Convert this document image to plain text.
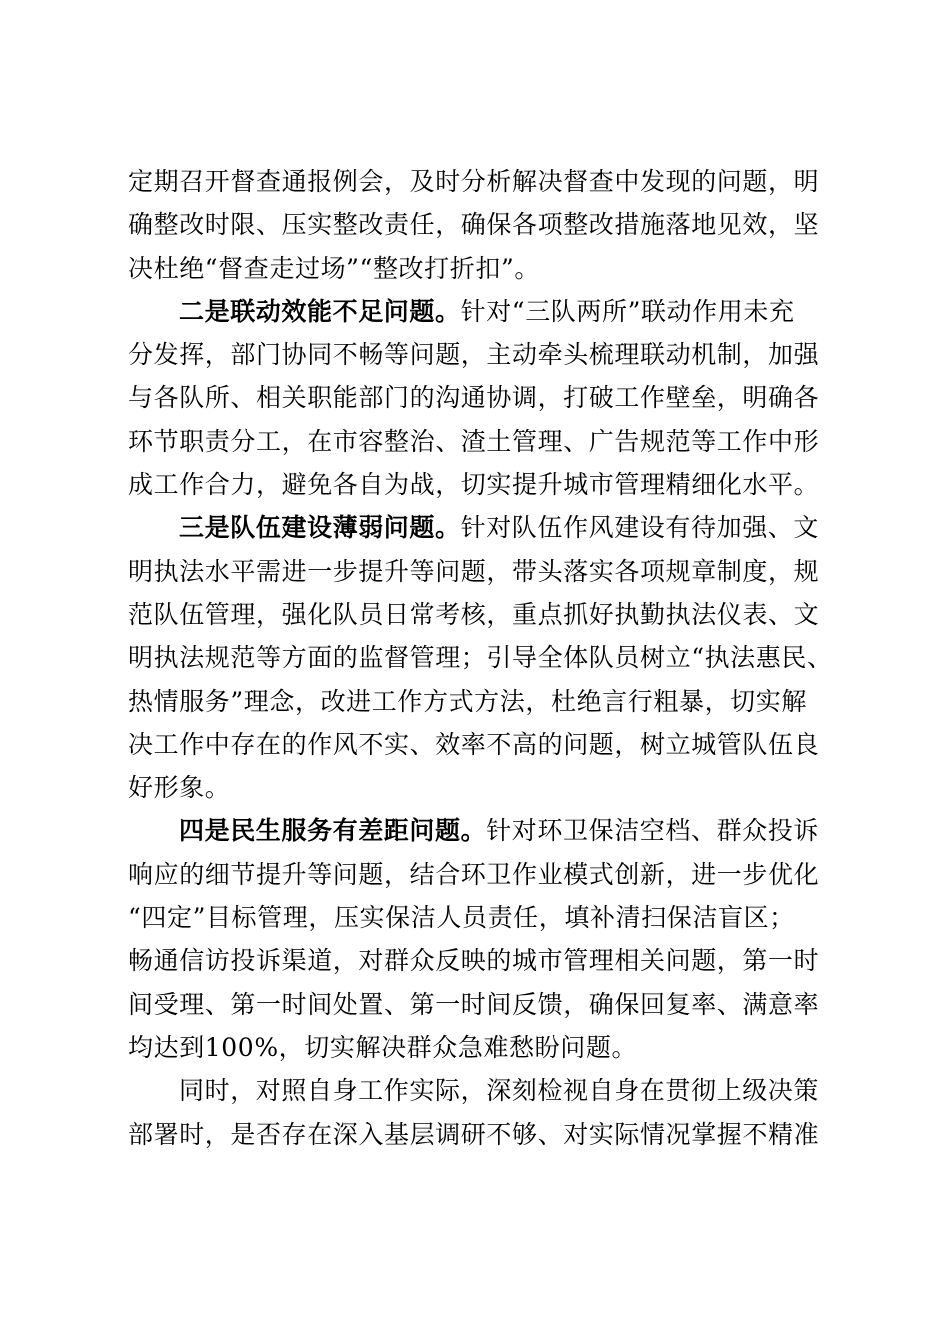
定期召开督查通报例会，及时分析解决督查中发现的问题，明
确整改时限、压实整改责任，确保各项整改措施落地见效，坚
决杜绝“督查走过场”“整改打折扣”。
二是联动效能不足问题。针对“三队两所”联动作用未充
分发挥，部门协同不畅等问题，主动牵头梳理联动机制，加强
与各队所、相关职能部门的沟通协调，打破工作壁垒，明确各
环节职责分工，在市容整治、渣土管理、广告规范等工作中形
成工作合力，避免各自为战，切实提升城市管理精细化水平。
三是队伍建设薄弱问题。针对队伍作风建设有待加强、文
明执法水平需进一步提升等问题，带头落实各项规章制度，规
范队伍管理，强化队员日常考核，重点抓好执勤执法仪表、文
明执法规范等方面的监督管理；引导全体队员树立“执法惠民、
热情服务”理念，改进工作方式方法，杜绝言行粗暴，切实解
决工作中存在的作风不实、效率不高的问题，树立城管队伍良
好形象。
四是民生服务有差距问题。针对环卫保洁空档、群众投诉
响应的细节提升等问题，结合环卫作业模式创新，进一步优化
“四定”目标管理，压实保洁人员责任，填补清扫保洁盲区；
畅通信访投诉渠道，对群众反映的城市管理相关问题，第一时
间受理、第一时间处置、第一时间反馈，确保回复率、满意率
均达到100%，切实解决群众急难愁盼问题。
同时，对照自身工作实际，深刻检视自身在贯彻上级决策
部署时，是否存在深入基层调研不够、对实际情况掌握不精准
